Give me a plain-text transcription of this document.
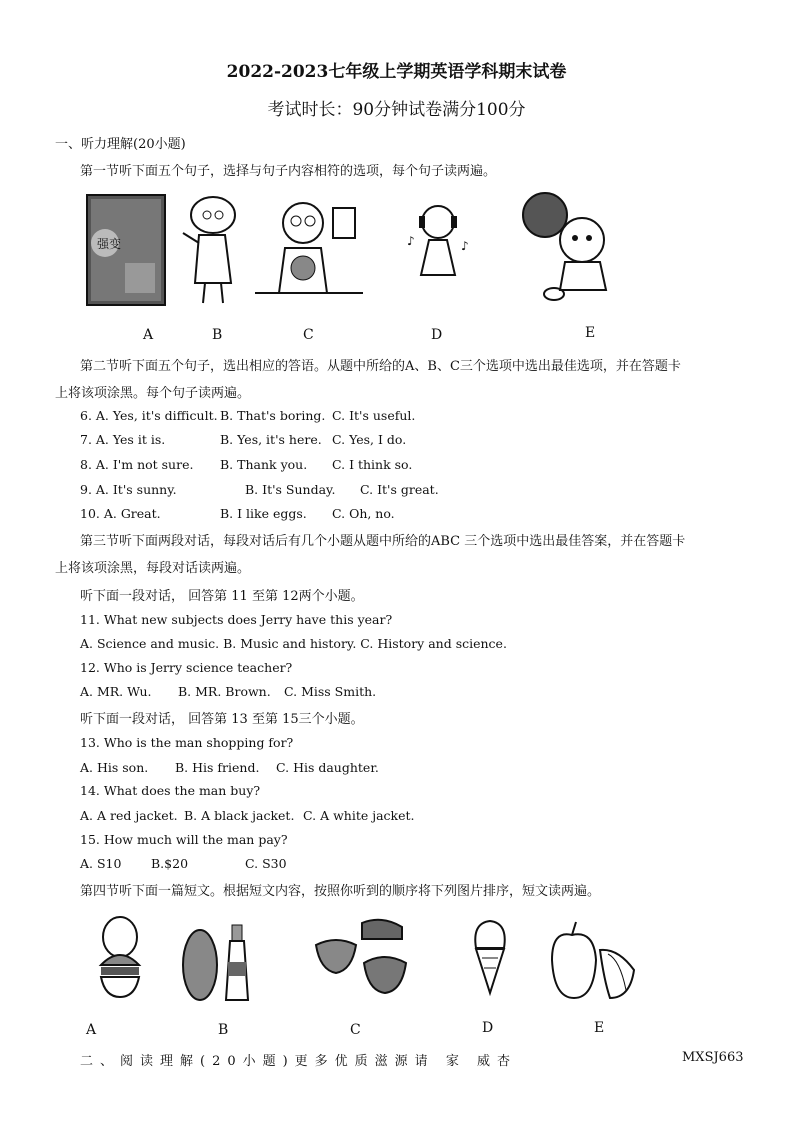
2022-2023七年级上学期英语学科期末试卷
考试时长：90分钟试卷满分100分
一、听力理解(20小题)
第一节听下面五个句子，选择与句子内容相符的选项，每个句子读两遍。
强变	♪	♪
A	B	C	D	E
第二节听下面五个句子，选出相应的答语。从题中所给的A、B、C三个选项中选出最佳选项，并在答题卡
上将该项涂黑。每个句子读两遍。
6. A. Yes, it's difficult. B. That's boring. C. It's useful.
7. A. Yes it is.	B. Yes, it's here. C. Yes, I do.
8. A. I'm not sure. B. Thank you. C. I think so.
9. A. It's sunny.	B. It's Sunday. C. It's great.
10. A. Great.	B. I like eggs. C. Oh, no.
第三节听下面两段对话，每段对话后有几个小题从题中所给的ABC 三个选项中选出最佳答案，并在答题卡
上将该项涂黑，每段对话读两遍。
听下面一段对话， 回答第 11 至第 12两个小题。
11. What new subjects does Jerry have this year?
A. Science and music. B. Music and history. C. History and science.
12. Who is Jerry science teacher?
A. MR. Wu. B. MR. Brown. C. Miss Smith.
听下面一段对话， 回答第 13 至第 15三个小题。
13. Who is the man shopping for?
A. His son. B. His friend. C. His daughter.
14. What does the man buy?
A. A red jacket. B. A black jacket. C. A white jacket.
15. How much will the man pay?
A. S10 B.$20	C. S30
第四节听下面一篇短文。根据短文内容，按照你听到的顺序将下列图片排序，短文读两遍。
A	B	C	D	E
二、阅读理解(20小题)更多优质滋源请 家 威杏	MXSJ663
